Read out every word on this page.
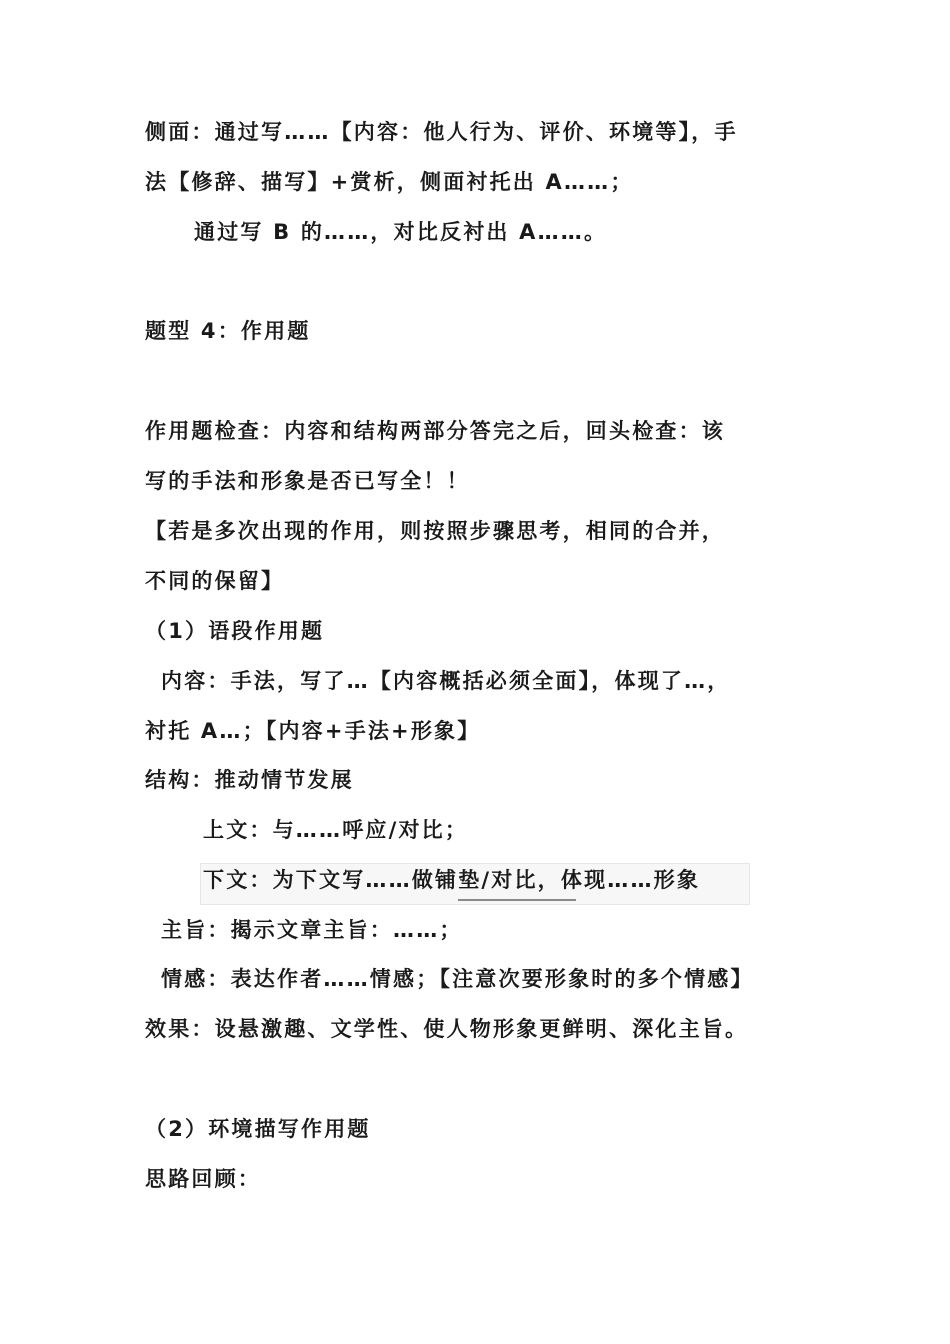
侧面：通过写……【内容：他人行为、评价、环境等】，手
法【修辞、描写】+赏析，侧面衬托出 A……；
通过写 B 的……，对比反衬出 A……。
题型 4：作用题
作用题检查：内容和结构两部分答完之后，回头检查：该
写的手法和形象是否已写全！！
【若是多次出现的作用，则按照步骤思考，相同的合并，
不同的保留】
（1）语段作用题
内容：手法，写了…【内容概括必须全面】，体现了…，
衬托 A…；【内容+手法+形象】
结构：推动情节发展
上文：与……呼应/对比；
下文：为下文写……做铺垫/对比，体现……形象
主旨：揭示文章主旨：……；
情感：表达作者……情感；【注意次要形象时的多个情感】
效果：设悬激趣、文学性、使人物形象更鲜明、深化主旨。
（2）环境描写作用题
思路回顾：
